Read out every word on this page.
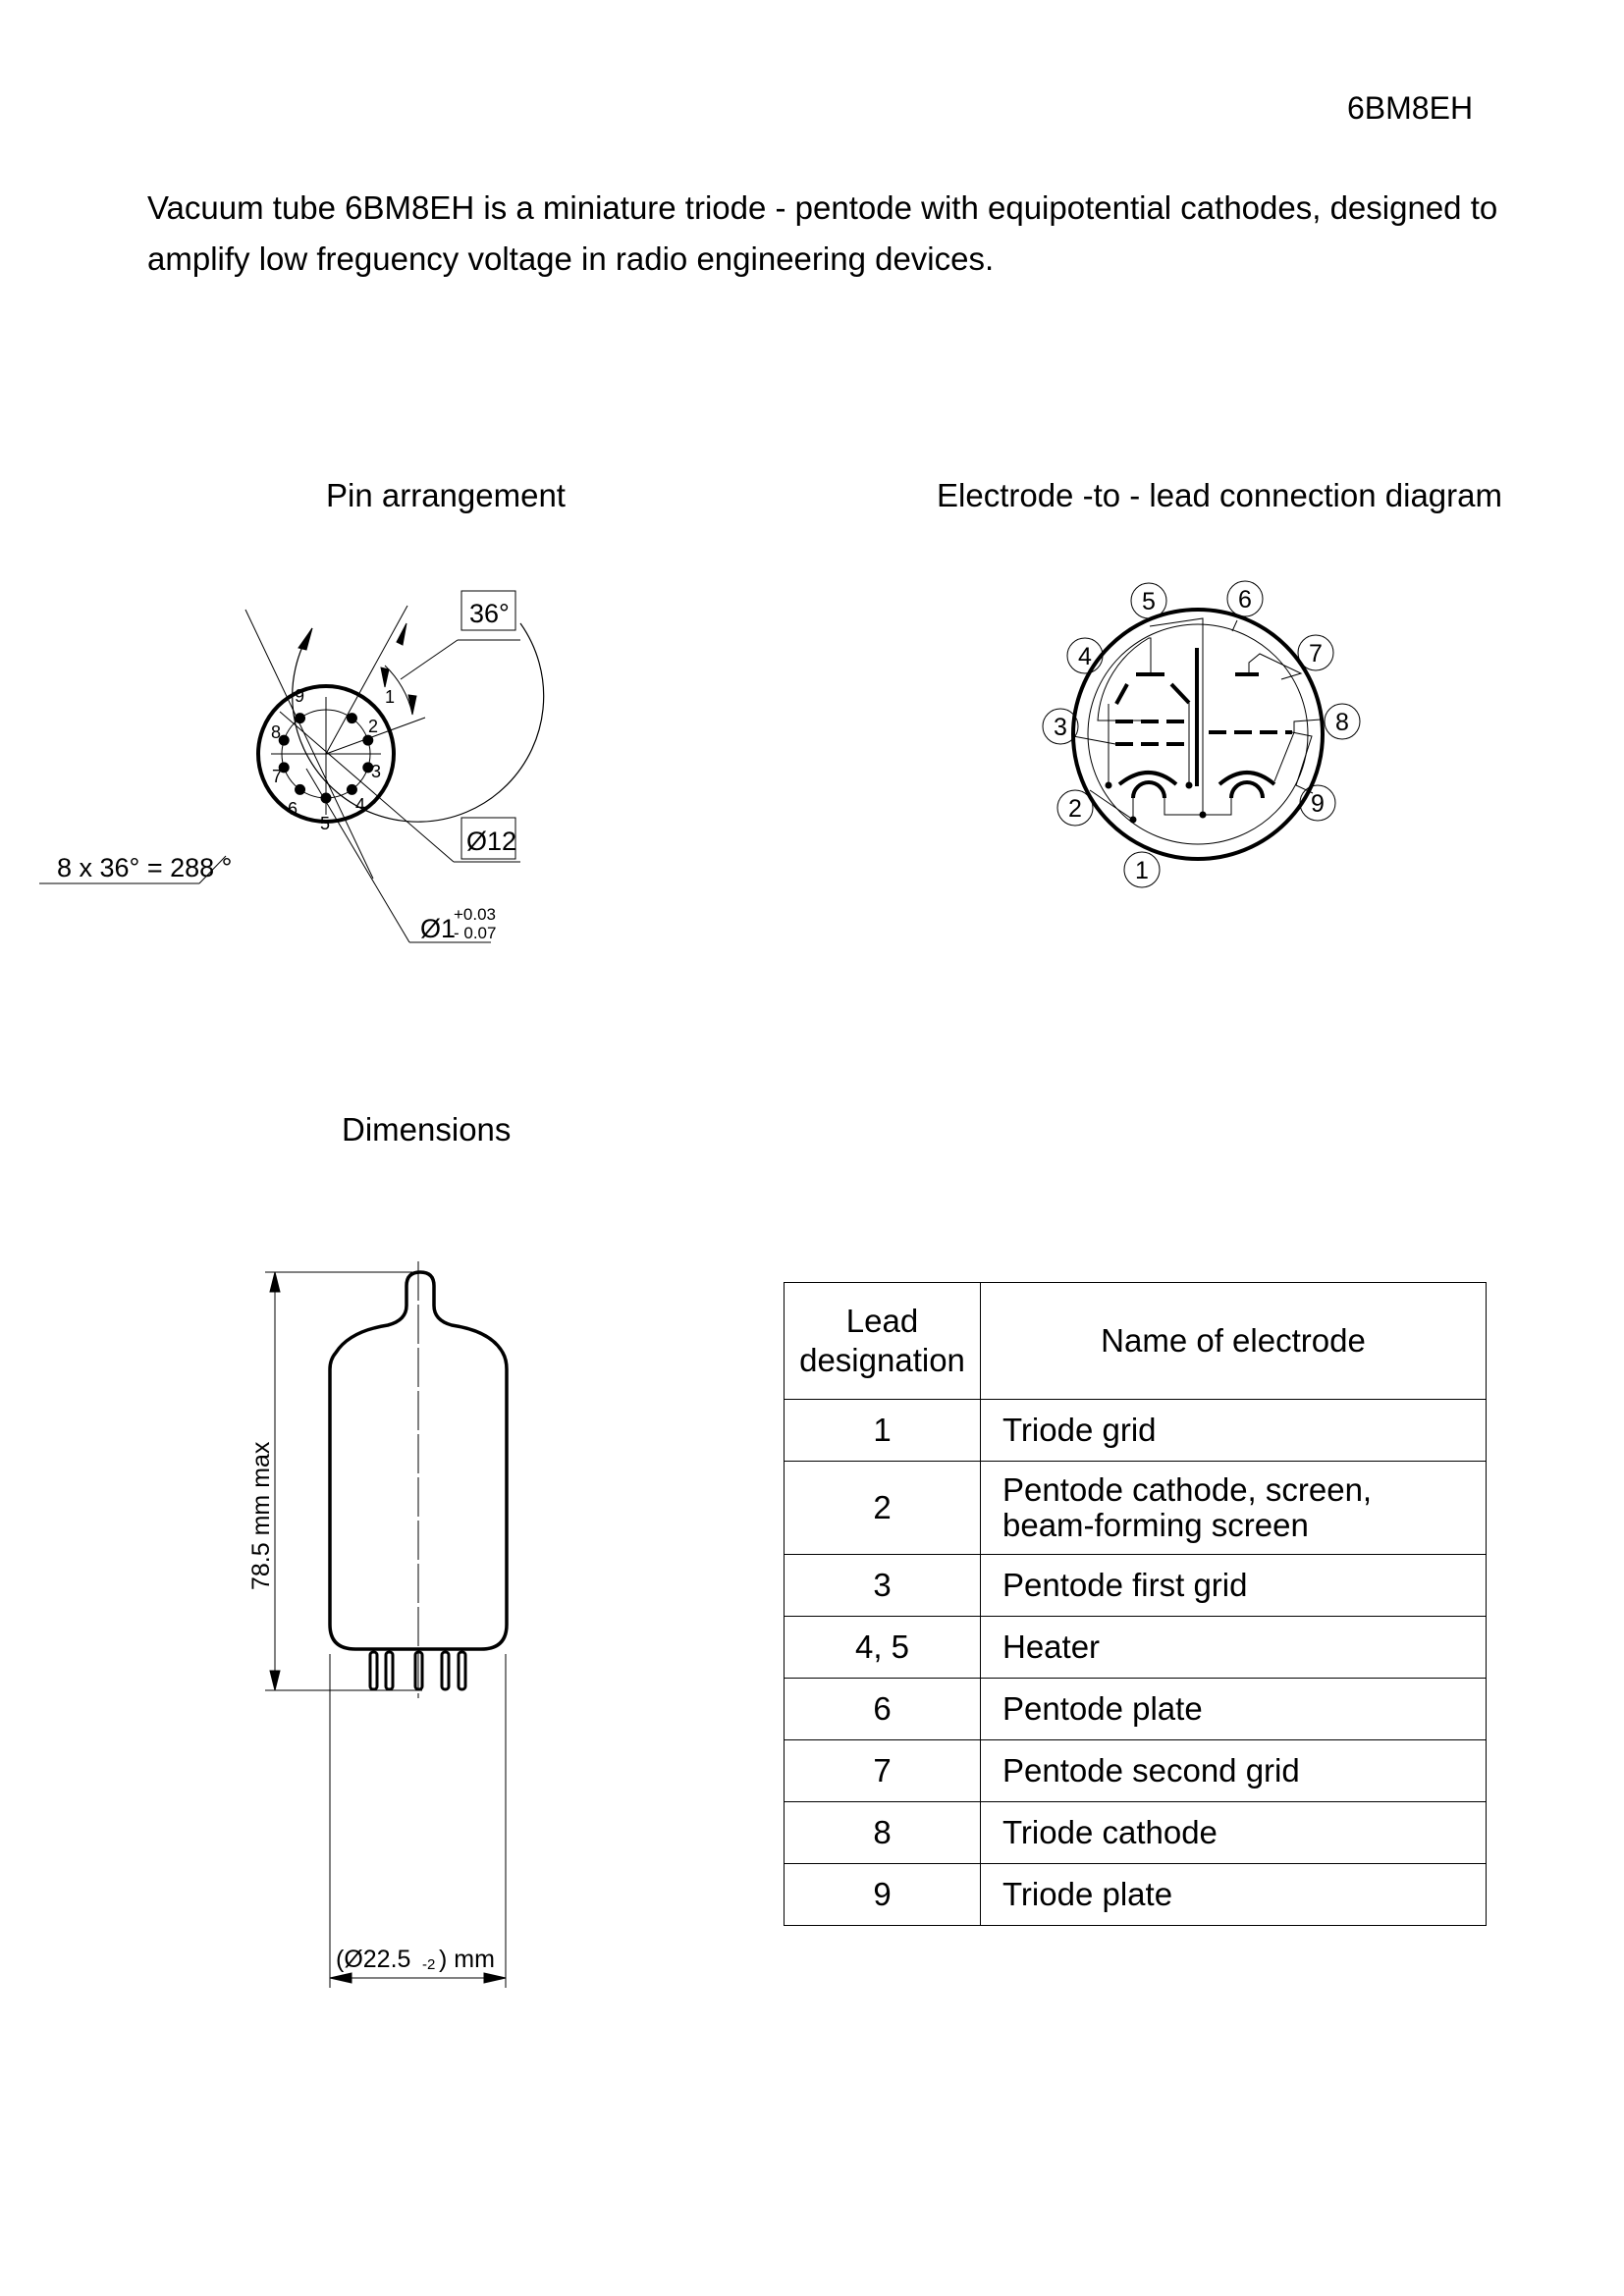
6BM8EH
Vacuum tube 6BM8EH is a miniature triode - pentode with equipotential cathodes, designed to amplify low freguency voltage in radio engineering devices.
Pin arrangement	Electrode -to - lead connection diagram
Dimensions
1
2
3
4
5
6
7
8
9
36°
Ø12
8 x 36° = 288 °
Ø1
+0.03
- 0.07
1
2
3
4
5	6
7
8
9
78.5 mm max
(Ø22.5 -2 ) mm
Lead
designation	Name of electrode
1	Triode grid
2	Pentode cathode, screen,
beam-forming screen
3	Pentode first grid
4, 5	Heater
6	Pentode plate
7	Pentode second grid
8	Triode cathode
9	Triode plate
